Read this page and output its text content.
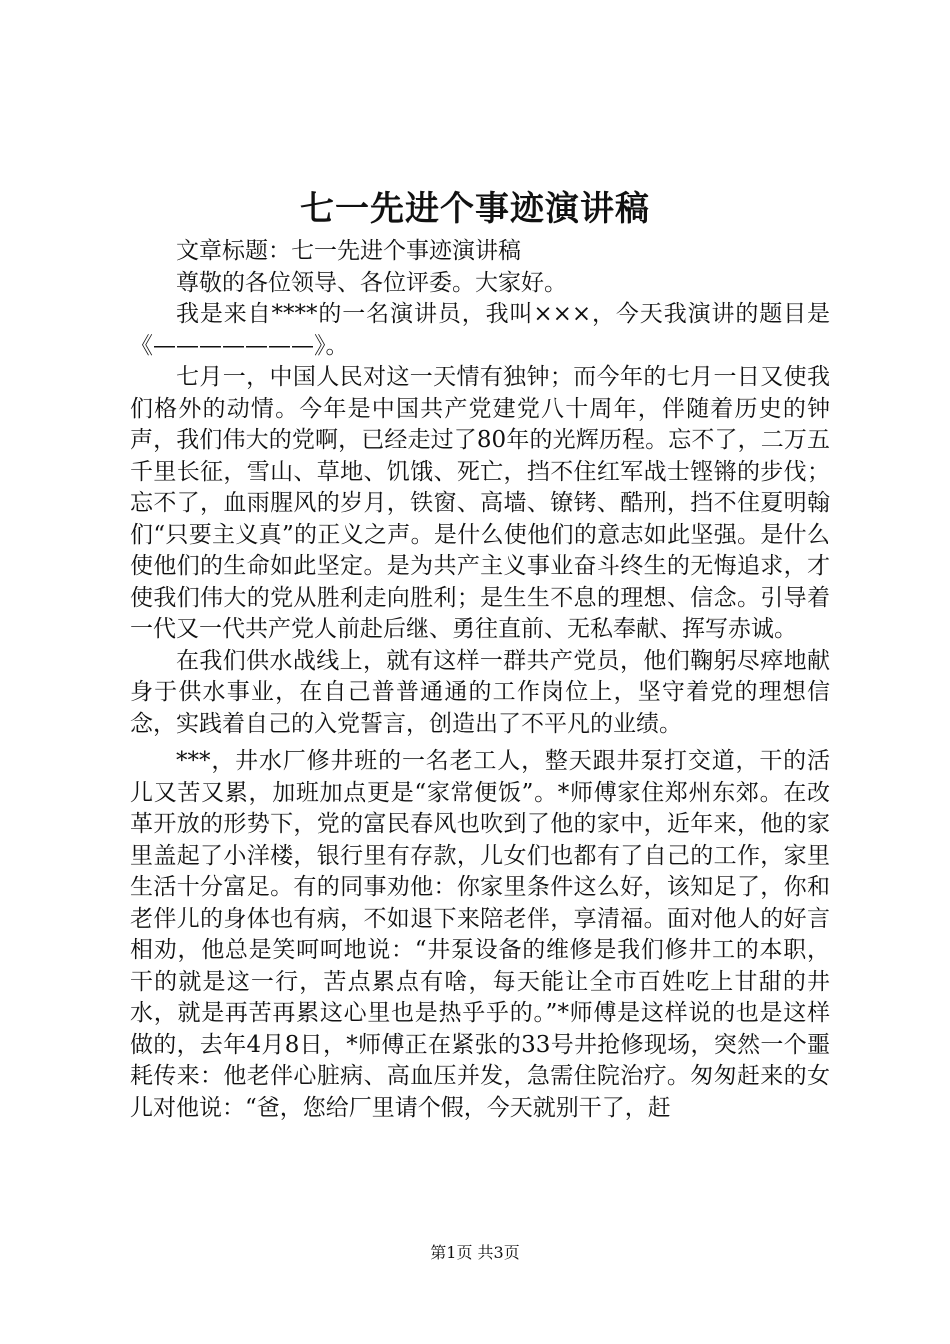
七一先进个事迹演讲稿

文章标题：七一先进个事迹演讲稿

尊敬的各位领导、各位评委。大家好。

我是来自****的一名演讲员，我叫×××，今天我演讲的题目是《———————》。

七月一，中国人民对这一天情有独钟；而今年的七月一日又使我们格外的动情。今年是中国共产党建党八十周年，伴随着历史的钟声，我们伟大的党啊，已经走过了80年的光辉历程。忘不了，二万五千里长征，雪山、草地、饥饿、死亡，挡不住红军战士铿锵的步伐；忘不了，血雨腥风的岁月，铁窗、高墙、镣铐、酷刑，挡不住夏明翰们“只要主义真”的正义之声。是什么使他们的意志如此坚强。是什么使他们的生命如此坚定。是为共产主义事业奋斗终生的无悔追求，才使我们伟大的党从胜利走向胜利；是生生不息的理想、信念。引导着一代又一代共产党人前赴后继、勇往直前、无私奉献、挥写赤诚。

在我们供水战线上，就有这样一群共产党员，他们鞠躬尽瘁地献身于供水事业，在自己普普通通的工作岗位上，坚守着党的理想信念，实践着自己的入党誓言，创造出了不平凡的业绩。

***，井水厂修井班的一名老工人，整天跟井泵打交道，干的活儿又苦又累，加班加点更是“家常便饭”。*师傅家住郑州东郊。在改革开放的形势下，党的富民春风也吹到了他的家中，近年来，他的家里盖起了小洋楼，银行里有存款，儿女们也都有了自己的工作，家里生活十分富足。有的同事劝他：你家里条件这么好，该知足了，你和老伴儿的身体也有病，不如退下来陪老伴，享清福。面对他人的好言相劝，他总是笑呵呵地说：“井泵设备的维修是我们修井工的本职，干的就是这一行，苦点累点有啥，每天能让全市百姓吃上甘甜的井水，就是再苦再累这心里也是热乎乎的。”*师傅是这样说的也是这样做的，去年4月8日，*师傅正在紧张的33号井抢修现场，突然一个噩耗传来：他老伴心脏病、高血压并发，急需住院治疗。匆匆赶来的女儿对他说：“爸，您给厂里请个假，今天就别干了，赶

第1页 共3页
